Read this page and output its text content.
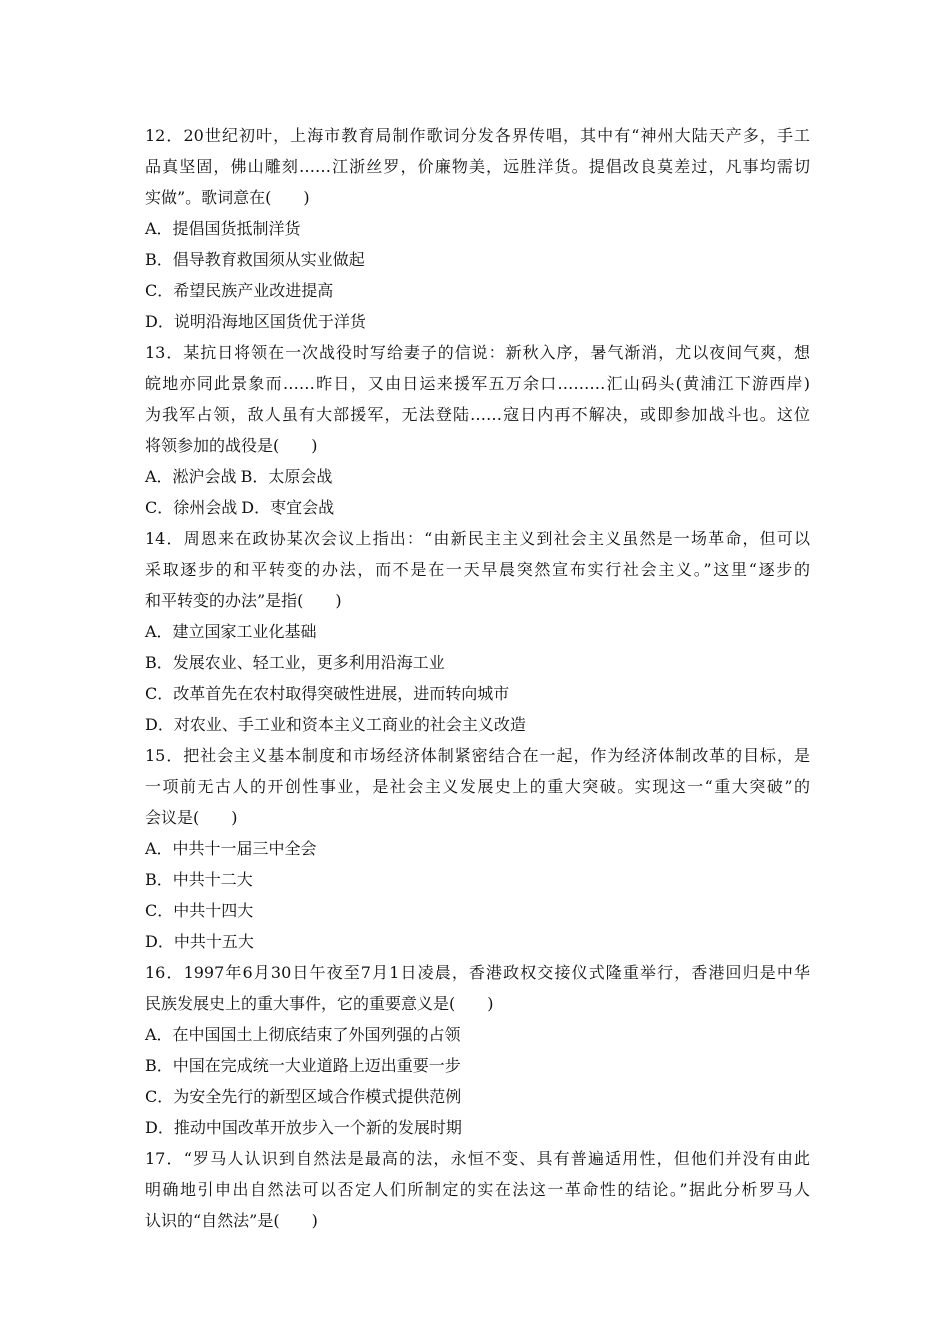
12．20世纪初叶，上海市教育局制作歌词分发各界传唱，其中有“神州大陆天产多，手工
品真坚固，佛山雕刻……江浙丝罗，价廉物美，远胜洋货。提倡改良莫差过，凡事均需切
实做”。歌词意在(　　)
A．提倡国货抵制洋货
B．倡导教育救国须从实业做起
C．希望民族产业改进提高
D．说明沿海地区国货优于洋货
13．某抗日将领在一次战役时写给妻子的信说：新秋入序，暑气渐消，尤以夜间气爽，想
皖地亦同此景象而……昨日，又由日运来援军五万余口………汇山码头(黄浦江下游西岸)
为我军占领，敌人虽有大部援军，无法登陆……寇日内再不解决，或即参加战斗也。这位
将领参加的战役是(　　)
A．淞沪会战 B．太原会战
C．徐州会战 D．枣宜会战
14．周恩来在政协某次会议上指出：“由新民主主义到社会主义虽然是一场革命，但可以
采取逐步的和平转变的办法，而不是在一天早晨突然宣布实行社会主义。”这里“逐步的
和平转变的办法”是指(　　)
A．建立国家工业化基础
B．发展农业、轻工业，更多利用沿海工业
C．改革首先在农村取得突破性进展，进而转向城市
D．对农业、手工业和资本主义工商业的社会主义改造
15．把社会主义基本制度和市场经济体制紧密结合在一起，作为经济体制改革的目标，是
一项前无古人的开创性事业，是社会主义发展史上的重大突破。实现这一“重大突破”的
会议是(　　)
A．中共十一届三中全会
B．中共十二大
C．中共十四大
D．中共十五大
16．1997年6月30日午夜至7月1日凌晨，香港政权交接仪式隆重举行，香港回归是中华
民族发展史上的重大事件，它的重要意义是(　　)
A．在中国国土上彻底结束了外国列强的占领
B．中国在完成统一大业道路上迈出重要一步
C．为安全先行的新型区域合作模式提供范例
D．推动中国改革开放步入一个新的发展时期
17．“罗马人认识到自然法是最高的法，永恒不变、具有普遍适用性，但他们并没有由此
明确地引申出自然法可以否定人们所制定的实在法这一革命性的结论。”据此分析罗马人
认识的“自然法”是(　　)
